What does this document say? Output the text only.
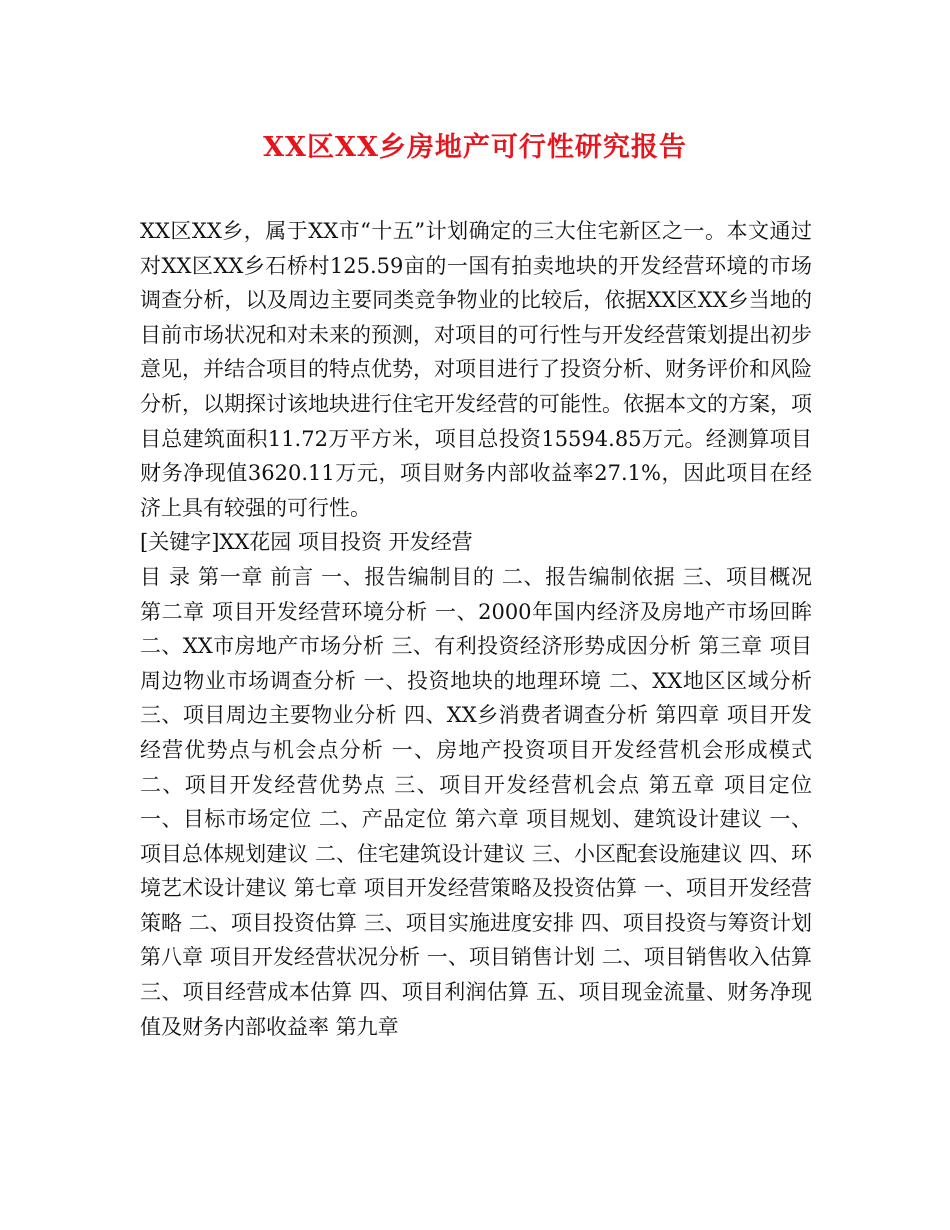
XX区XX乡房地产可行性研究报告

XX区XX乡，属于XX市“十五”计划确定的三大住宅新区之一。本文通过对XX区XX乡石桥村125.59亩的一国有拍卖地块的开发经营环境的市场调查分析，以及周边主要同类竞争物业的比较后，依据XX区XX乡当地的目前市场状况和对未来的预测，对项目的可行性与开发经营策划提出初步意见，并结合项目的特点优势，对项目进行了投资分析、财务评价和风险分析，以期探讨该地块进行住宅开发经营的可能性。依据本文的方案，项目总建筑面积11.72万平方米，项目总投资15594.85万元。经测算项目财务净现值3620.11万元，项目财务内部收益率27.1%，因此项目在经济上具有较强的可行性。

[关键字]XX花园 项目投资 开发经营

目 录 第一章 前言 一、报告编制目的 二、报告编制依据 三、项目概况 第二章 项目开发经营环境分析 一、2000年国内经济及房地产市场回眸 二、XX市房地产市场分析 三、有利投资经济形势成因分析 第三章 项目周边物业市场调查分析 一、投资地块的地理环境 二、XX地区区域分析 三、项目周边主要物业分析 四、XX乡消费者调查分析 第四章 项目开发经营优势点与机会点分析 一、房地产投资项目开发经营机会形成模式 二、项目开发经营优势点 三、项目开发经营机会点 第五章 项目定位 一、目标市场定位 二、产品定位 第六章 项目规划、建筑设计建议 一、项目总体规划建议 二、住宅建筑设计建议 三、小区配套设施建议 四、环境艺术设计建议 第七章 项目开发经营策略及投资估算 一、项目开发经营策略 二、项目投资估算 三、项目实施进度安排 四、项目投资与筹资计划 第八章 项目开发经营状况分析 一、项目销售计划 二、项目销售收入估算 三、项目经营成本估算 四、项目利润估算 五、项目现金流量、财务净现值及财务内部收益率 第九章
